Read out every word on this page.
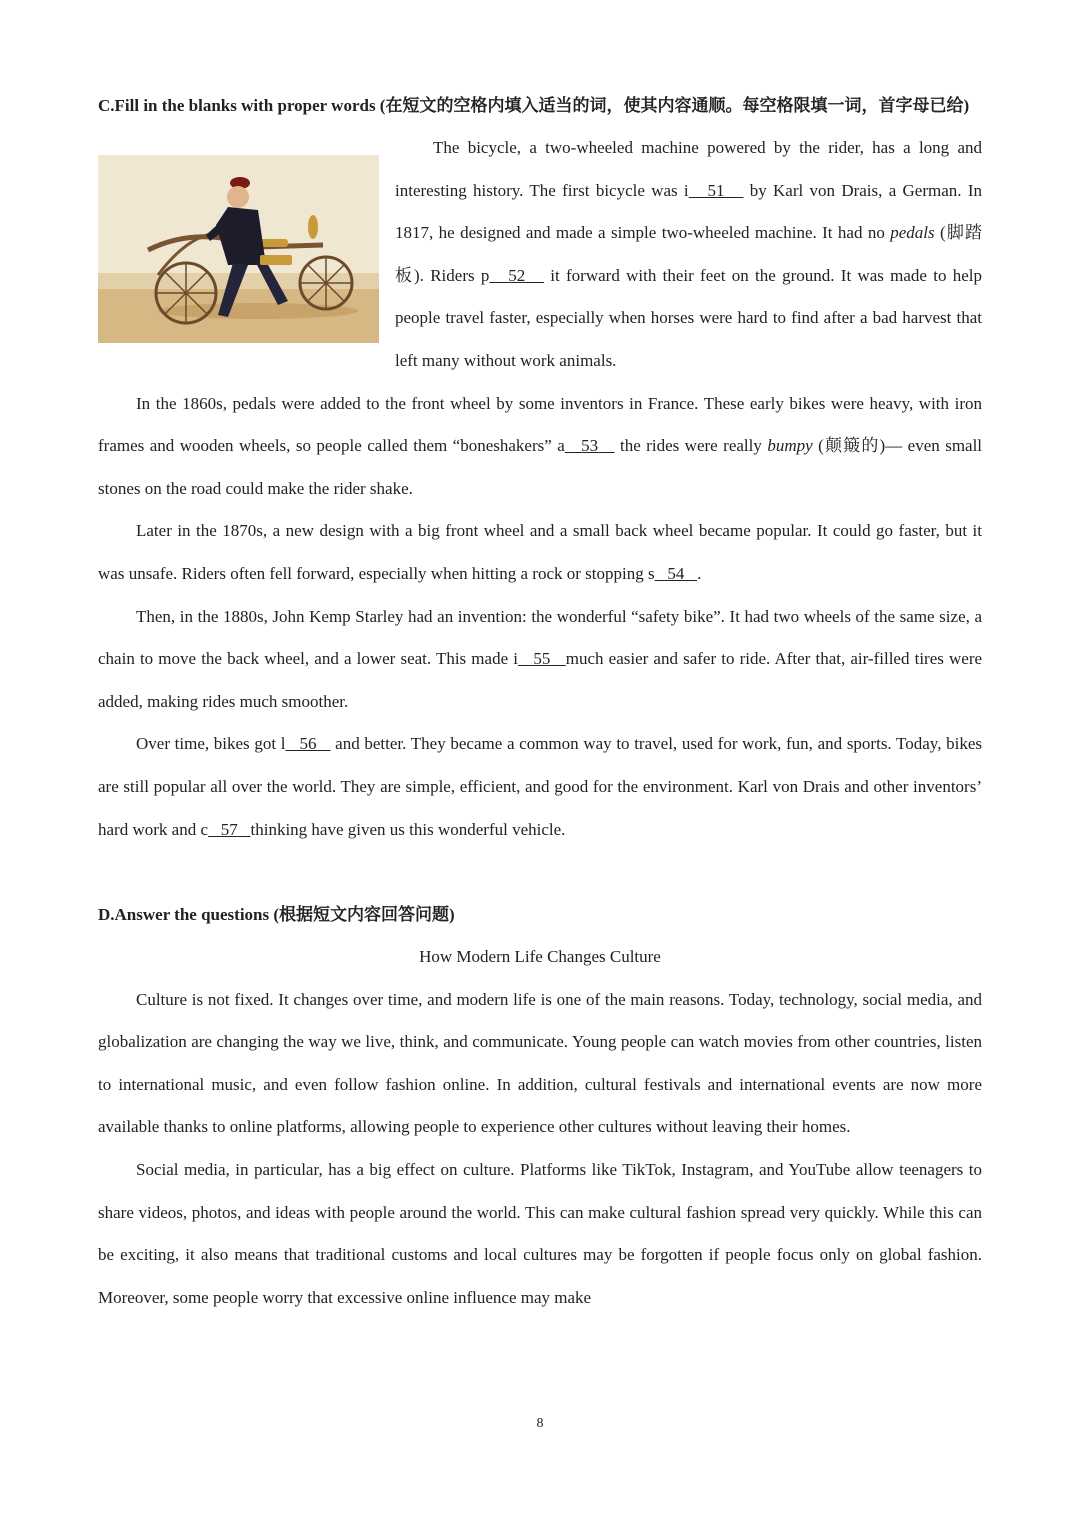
C.Fill in the blanks with proper words (在短文的空格内填入适当的词，使其内容通顺。每空格限填一词，首字母已给)

The bicycle, a two-wheeled machine powered by the rider, has a long and interesting history. The first bicycle was i 51    by Karl von Drais, a German. In 1817, he designed and made a simple two-wheeled machine. It had no pedals (脚踏板). Riders p 52    it forward with their feet on the ground. It was made to help people travel faster, especially when horses were hard to find after a bad harvest that left many without work animals.

In the 1860s, pedals were added to the front wheel by some inventors in France. These early bikes were heavy, with iron frames and wooden wheels, so people called them “boneshakers” a 53    the rides were really bumpy (颠簸的)— even small stones on the road could make the rider shake.

Later in the 1870s, a new design with a big front wheel and a small back wheel became popular. It could go faster, but it was unsafe. Riders often fell forward, especially when hitting a rock or stopping s 54 .

Then, in the 1880s, John Kemp Starley had an invention: the wonderful “safety bike”. It had two wheels of the same size, a chain to move the back wheel, and a lower seat. This made i 55 much easier and safer to ride. After that, air-filled tires were added, making rides much smoother.

Over time, bikes got l 56    and better. They became a common way to travel, used for work, fun, and sports. Today, bikes are still popular all over the world. They are simple, efficient, and good for the environment. Karl von Drais and other inventors’ hard work and c 57 thinking have given us this wonderful vehicle.

D.Answer the questions (根据短文内容回答问题)

How Modern Life Changes Culture

Culture is not fixed. It changes over time, and modern life is one of the main reasons. Today, technology, social media, and globalization are changing the way we live, think, and communicate. Young people can watch movies from other countries, listen to international music, and even follow fashion online. In addition, cultural festivals and international events are now more available thanks to online platforms, allowing people to experience other cultures without leaving their homes.

Social media, in particular, has a big effect on culture. Platforms like TikTok, Instagram, and YouTube allow teenagers to share videos, photos, and ideas with people around the world. This can make cultural fashion spread very quickly. While this can be exciting, it also means that traditional customs and local cultures may be forgotten if people focus only on global fashion. Moreover, some people worry that excessive online influence may make

8
